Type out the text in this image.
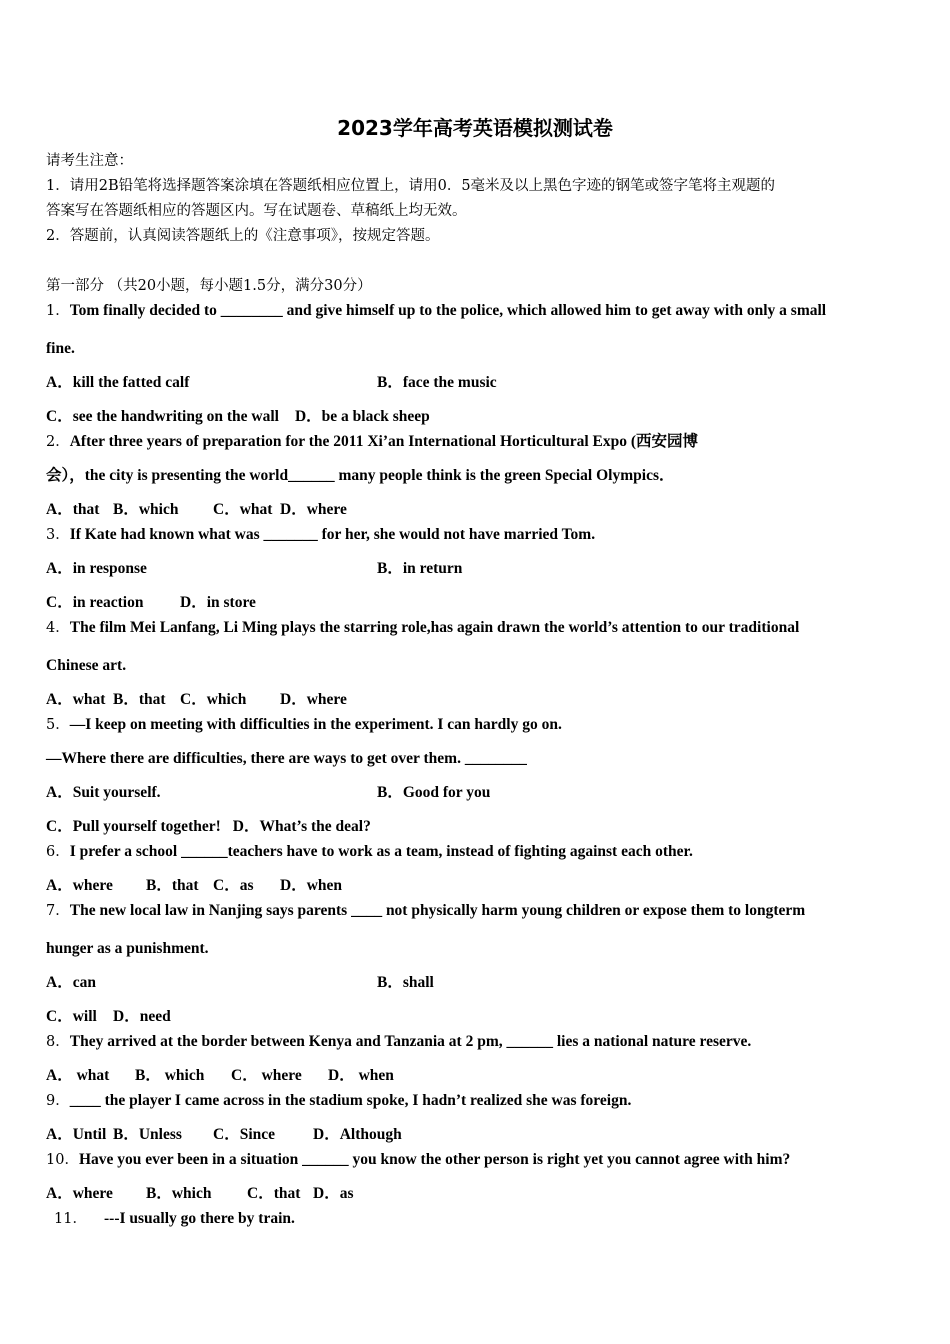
2023学年高考英语模拟测试卷
请考生注意：
1．请用2B铅笔将选择题答案涂填在答题纸相应位置上，请用0．5毫米及以上黑色字迹的钢笔或签字笔将主观题的
答案写在答题纸相应的答题区内。写在试题卷、草稿纸上均无效。
2．答题前，认真阅读答题纸上的《注意事项》，按规定答题。
第一部分 （共20小题，每小题1.5分，满分30分）
1．Tom finally decided to ________ and give himself up to the police, which allowed him to get away with only a small
fine.
A．kill the fatted calf	B．face the music
C．see the handwriting on the wall D．be a black sheep
2．After three years of preparation for the 2011 Xi’an International Horticultural Expo (西安园博
会），the city is presenting the world______ many people think is the green Special Olympics．
A．that B．which C．what D．where
3．If Kate had known what was _______ for her, she would not have married Tom.
A．in response	B．in return
C．in reaction D．in store
4．The film Mei Lanfang, Li Ming plays the starring role,has again drawn the world’s attention to our traditional
Chinese art.
A．what B．that C．which D．where
5．—I keep on meeting with difficulties in the experiment. I can hardly go on.
—Where there are difficulties, there are ways to get over them. ________
A．Suit yourself.	B．Good for you
C．Pull yourself together! D．What’s the deal?
6．I prefer a school ______teachers have to work as a team, instead of fighting against each other.
A．where B．that C．as D．when
7．The new local law in Nanjing says parents ____ not physically harm young children or expose them to longterm
hunger as a punishment.
A．can	B．shall
C．will D．need
8．They arrived at the border between Kenya and Tanzania at 2 pm, ______ lies a national nature reserve.
A． what B． which C． where D． when
9．____ the player I came across in the stadium spoke, I hadn’t realized she was foreign.
A．Until B．Unless C．Since D．Although
10．Have you ever been in a situation ______ you know the other person is right yet you cannot agree with him?
A．where B．which C．that D．as
11． ---I usually go there by train.
